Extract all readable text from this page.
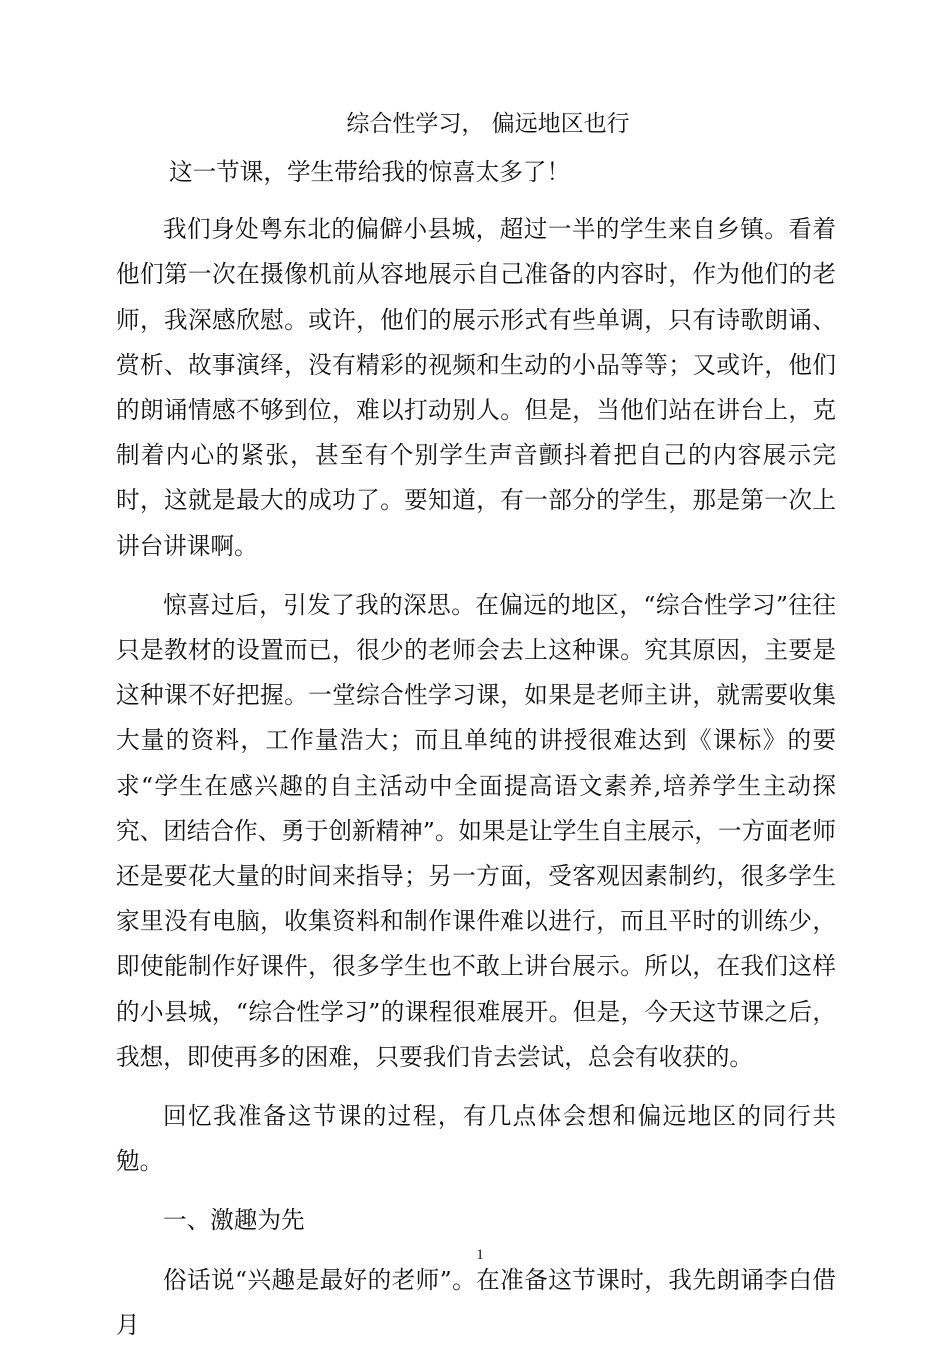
综合性学习， 偏远地区也行

这一节课，学生带给我的惊喜太多了！

我们身处粤东北的偏僻小县城，超过一半的学生来自乡镇。看着他们第一次在摄像机前从容地展示自己准备的内容时，作为他们的老师，我深感欣慰。或许，他们的展示形式有些单调，只有诗歌朗诵、赏析、故事演绎，没有精彩的视频和生动的小品等等；又或许，他们的朗诵情感不够到位，难以打动别人。但是，当他们站在讲台上，克制着内心的紧张，甚至有个别学生声音颤抖着把自己的内容展示完时，这就是最大的成功了。要知道，有一部分的学生，那是第一次上讲台讲课啊。

惊喜过后，引发了我的深思。在偏远的地区，“综合性学习”往往只是教材的设置而已，很少的老师会去上这种课。究其原因，主要是这种课不好把握。一堂综合性学习课，如果是老师主讲，就需要收集大量的资料，工作量浩大；而且单纯的讲授很难达到《课标》的要求“学生在感兴趣的自主活动中全面提高语文素养,培养学生主动探究、团结合作、勇于创新精神”。如果是让学生自主展示，一方面老师还是要花大量的时间来指导；另一方面，受客观因素制约，很多学生家里没有电脑，收集资料和制作课件难以进行，而且平时的训练少，即使能制作好课件，很多学生也不敢上讲台展示。所以，在我们这样的小县城，“综合性学习”的课程很难展开。但是，今天这节课之后，我想，即使再多的困难，只要我们肯去尝试，总会有收获的。

回忆我准备这节课的过程，有几点体会想和偏远地区的同行共勉。

一、激趣为先

俗话说“兴趣是最好的老师”。在准备这节课时，我先朗诵李白借月

1
